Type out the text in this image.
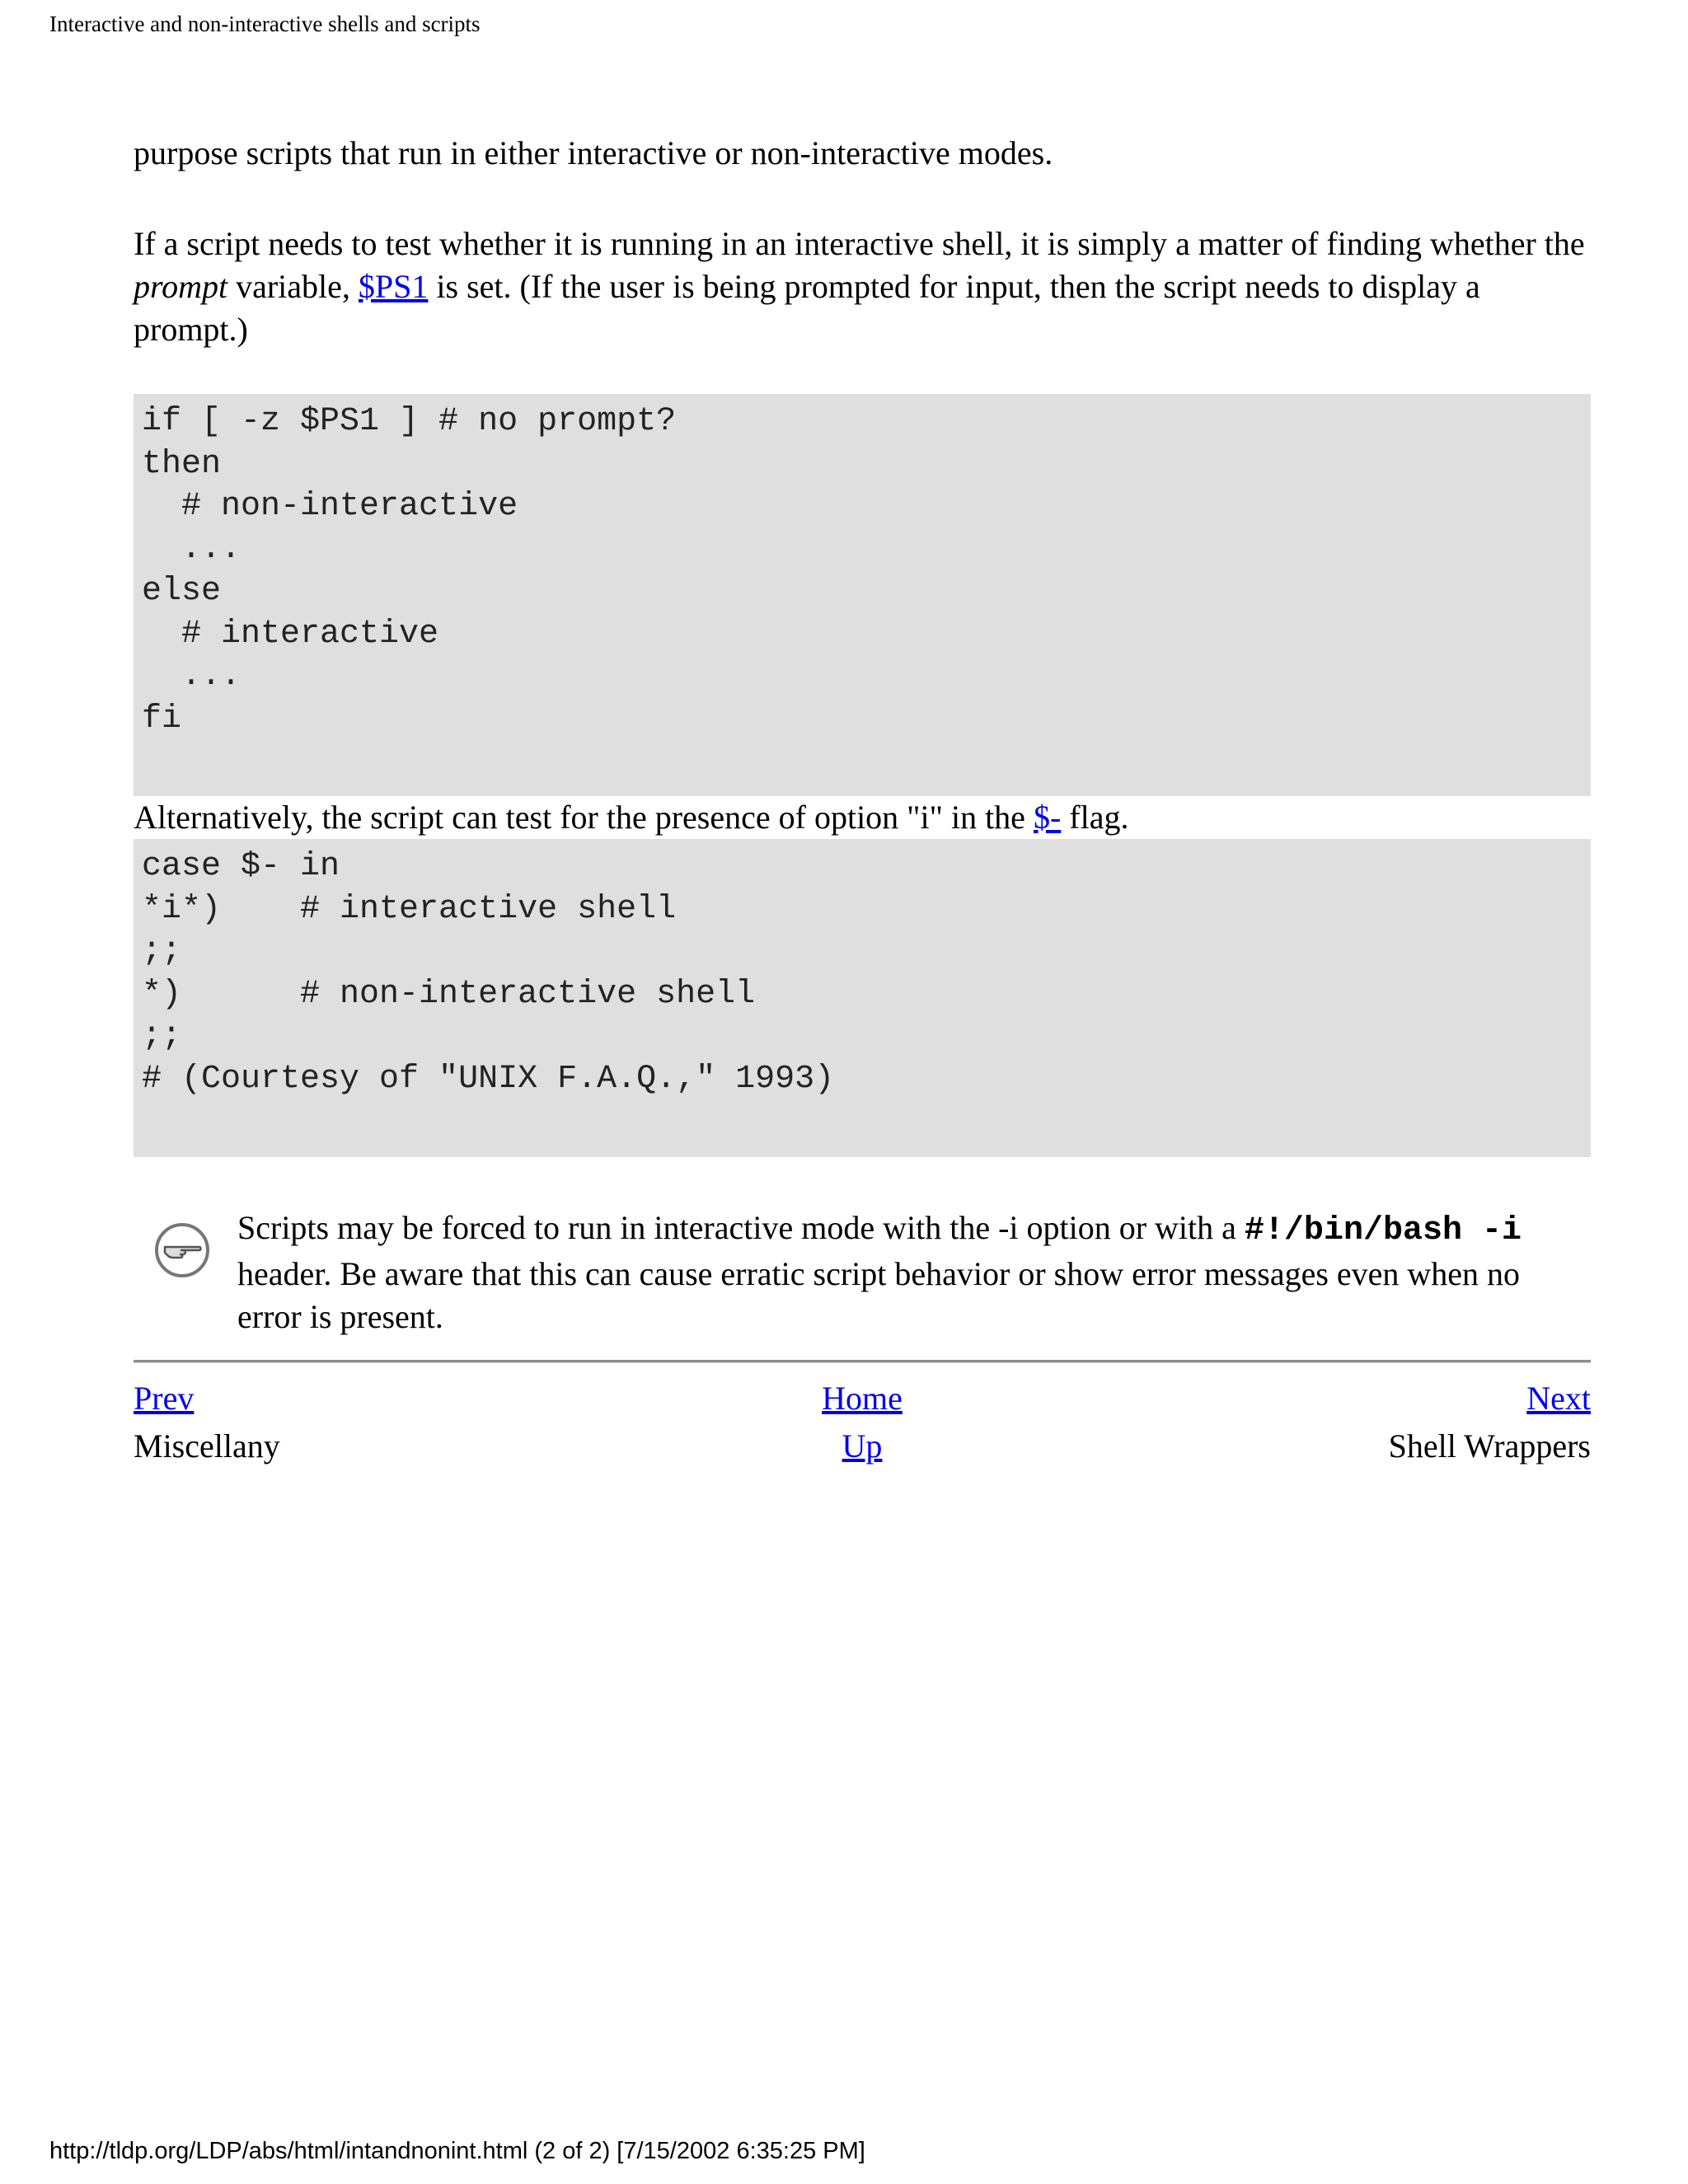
Interactive and non-interactive shells and scripts

purpose scripts that run in either interactive or non-interactive modes.

If a script needs to test whether it is running in an interactive shell, it is simply a matter of finding whether the prompt variable, $PS1 is set. (If the user is being prompted for input, then the script needs to display a prompt.)

if [ -z $PS1 ] # no prompt?
then
# non-interactive
...
else
# interactive
...
fi

Alternatively, the script can test for the presence of option "i" in the $- flag.

case $- in
*i*)    # interactive shell
;;
*)      # non-interactive shell
;;
# (Courtesy of "UNIX F.A.Q.," 1993)
Scripts may be forced to run in interactive mode with the -i option or with a #!/bin/bash -i header. Be aware that this can cause erratic script behavior or show error messages even when no error is present.
Home
Up
Prev
Miscellany
Next
Shell Wrappers
http://tldp.org/LDP/abs/html/intandnonint.html (2 of 2) [7/15/2002 6:35:25 PM]
